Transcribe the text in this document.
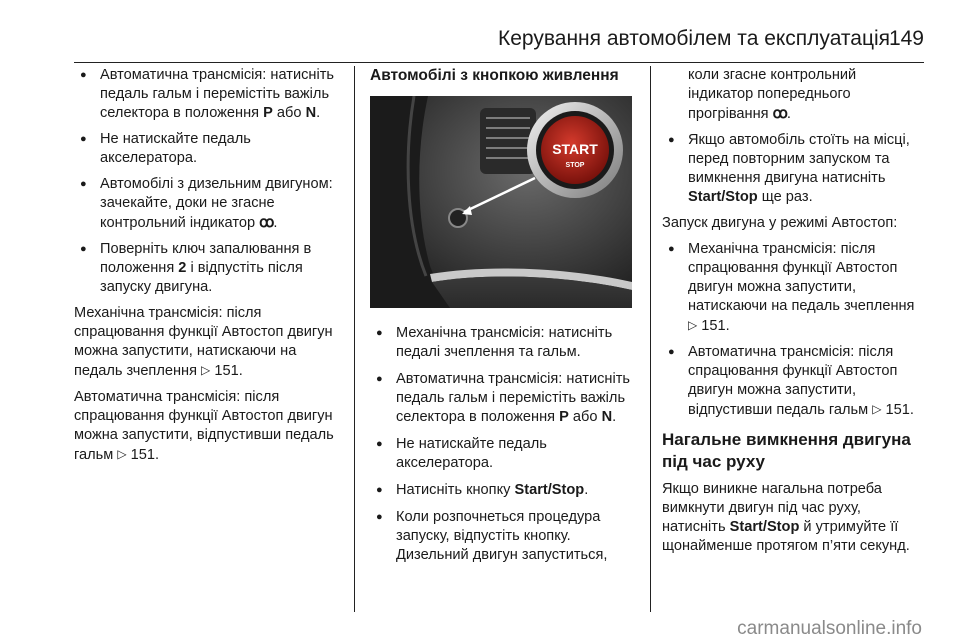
Керування автомобілем та експлуатація
149
● Автоматична трансмісія: натисніть педаль гальм і перемістіть важіль селектора в положення P або N.
● Не натискайте педаль акселератора.
● Автомобілі з дизельним двигуном: зачекайте, доки не згасне контрольний індикатор ꝏ.
● Поверніть ключ запалювання в положення 2 і відпустіть після запуску двигуна.

Механічна трансмісія: після спрацювання функції Автостоп двигун можна запустити, натискаючи на педаль зчеплення ▷ 151.

Автоматична трансмісія: після спрацювання функції Автостоп двигун можна запустити, відпустивши педаль гальм ▷ 151.

Автомобілі з кнопкою живлення
START
STOP
● Механічна трансмісія: натисніть педалі зчеплення та гальм.
● Автоматична трансмісія: натисніть педаль гальм і перемістіть важіль селектора в положення P або N.
● Не натискайте педаль акселератора.
● Натисніть кнопку Start/Stop.
● Коли розпочнеться процедура запуску, відпустіть кнопку. Дизельний двигун запуститься,

коли згасне контрольний індикатор попереднього прогрівання ꝏ.

● Якщо автомобіль стоїть на місці, перед повторним запуском та вимкнення двигуна натисніть Start/Stop ще раз.

Запуск двигуна у режимі Автостоп:

● Механічна трансмісія: після спрацювання функції Автостоп двигун можна запустити, натискаючи на педаль зчеплення ▷ 151.
● Автоматична трансмісія: після спрацювання функції Автостоп двигун можна запустити, відпустивши педаль гальм ▷ 151.
Нагальне вимкнення двигуна під час руху

Якщо виникне нагальна потреба вимкнути двигун під час руху, натисніть Start/Stop й утримуйте її щонайменше протягом п’яти секунд.

carmanualsonline.info
